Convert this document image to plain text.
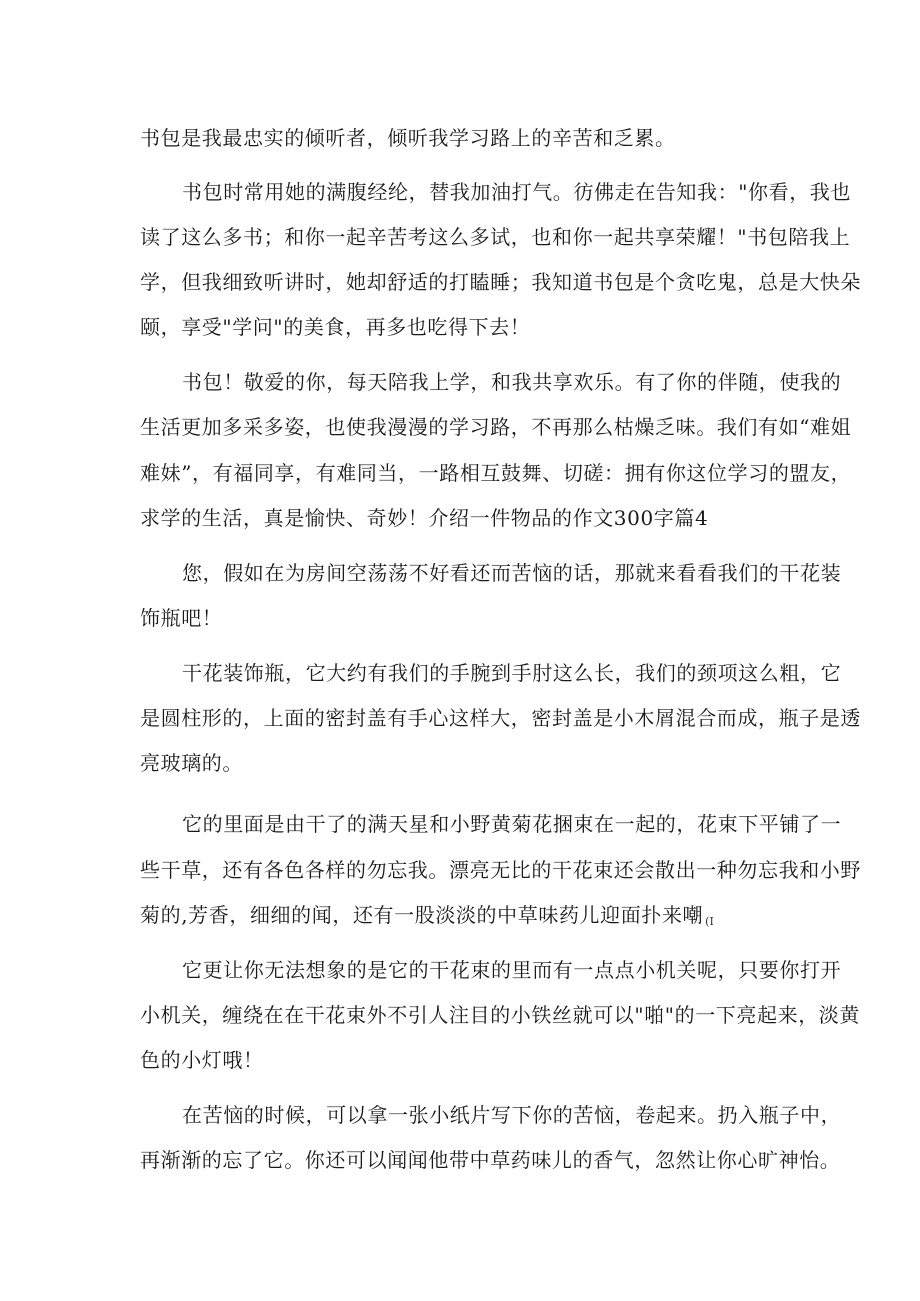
书包是我最忠实的倾听者，倾听我学习路上的辛苦和乏累。
书包时常用她的满腹经纶，替我加油打气。彷佛走在告知我："你看，我也
读了这么多书；和你一起辛苦考这么多试，也和你一起共享荣耀！"书包陪我上
学，但我细致听讲时，她却舒适的打瞌睡；我知道书包是个贪吃鬼，总是大快朵
颐，享受"学问"的美食，再多也吃得下去！
书包！敬爱的你，每天陪我上学，和我共享欢乐。有了你的伴随，使我的
生活更加多采多姿，也使我漫漫的学习路，不再那么枯燥乏味。我们有如“难姐
难妹”，有福同享，有难同当，一路相互鼓舞、切磋：拥有你这位学习的盟友，
求学的生活，真是愉快、奇妙！介绍一件物品的作文300字篇4
您，假如在为房间空荡荡不好看还而苦恼的话，那就来看看我们的干花装
饰瓶吧！
干花装饰瓶，它大约有我们的手腕到手肘这么长，我们的颈项这么粗，它
是圆柱形的，上面的密封盖有手心这样大，密封盖是小木屑混合而成，瓶子是透
亮玻璃的。
它的里面是由干了的满天星和小野黄菊花捆束在一起的，花束下平铺了一
些干草，还有各色各样的勿忘我。漂亮无比的干花束还会散出一种勿忘我和小野
菊的,芳香，细细的闻，还有一股淡淡的中草味药儿迎面扑来嘲 (I
它更让你无法想象的是它的干花束的里而有一点点小机关呢，只要你打开
小机关，缠绕在在干花束外不引人注目的小铁丝就可以"啪"的一下亮起来，淡黄
色的小灯哦！
在苦恼的时候，可以拿一张小纸片写下你的苦恼，卷起来。扔入瓶子中，
再渐渐的忘了它。你还可以闻闻他带中草药味儿的香气，忽然让你心旷神怡。
